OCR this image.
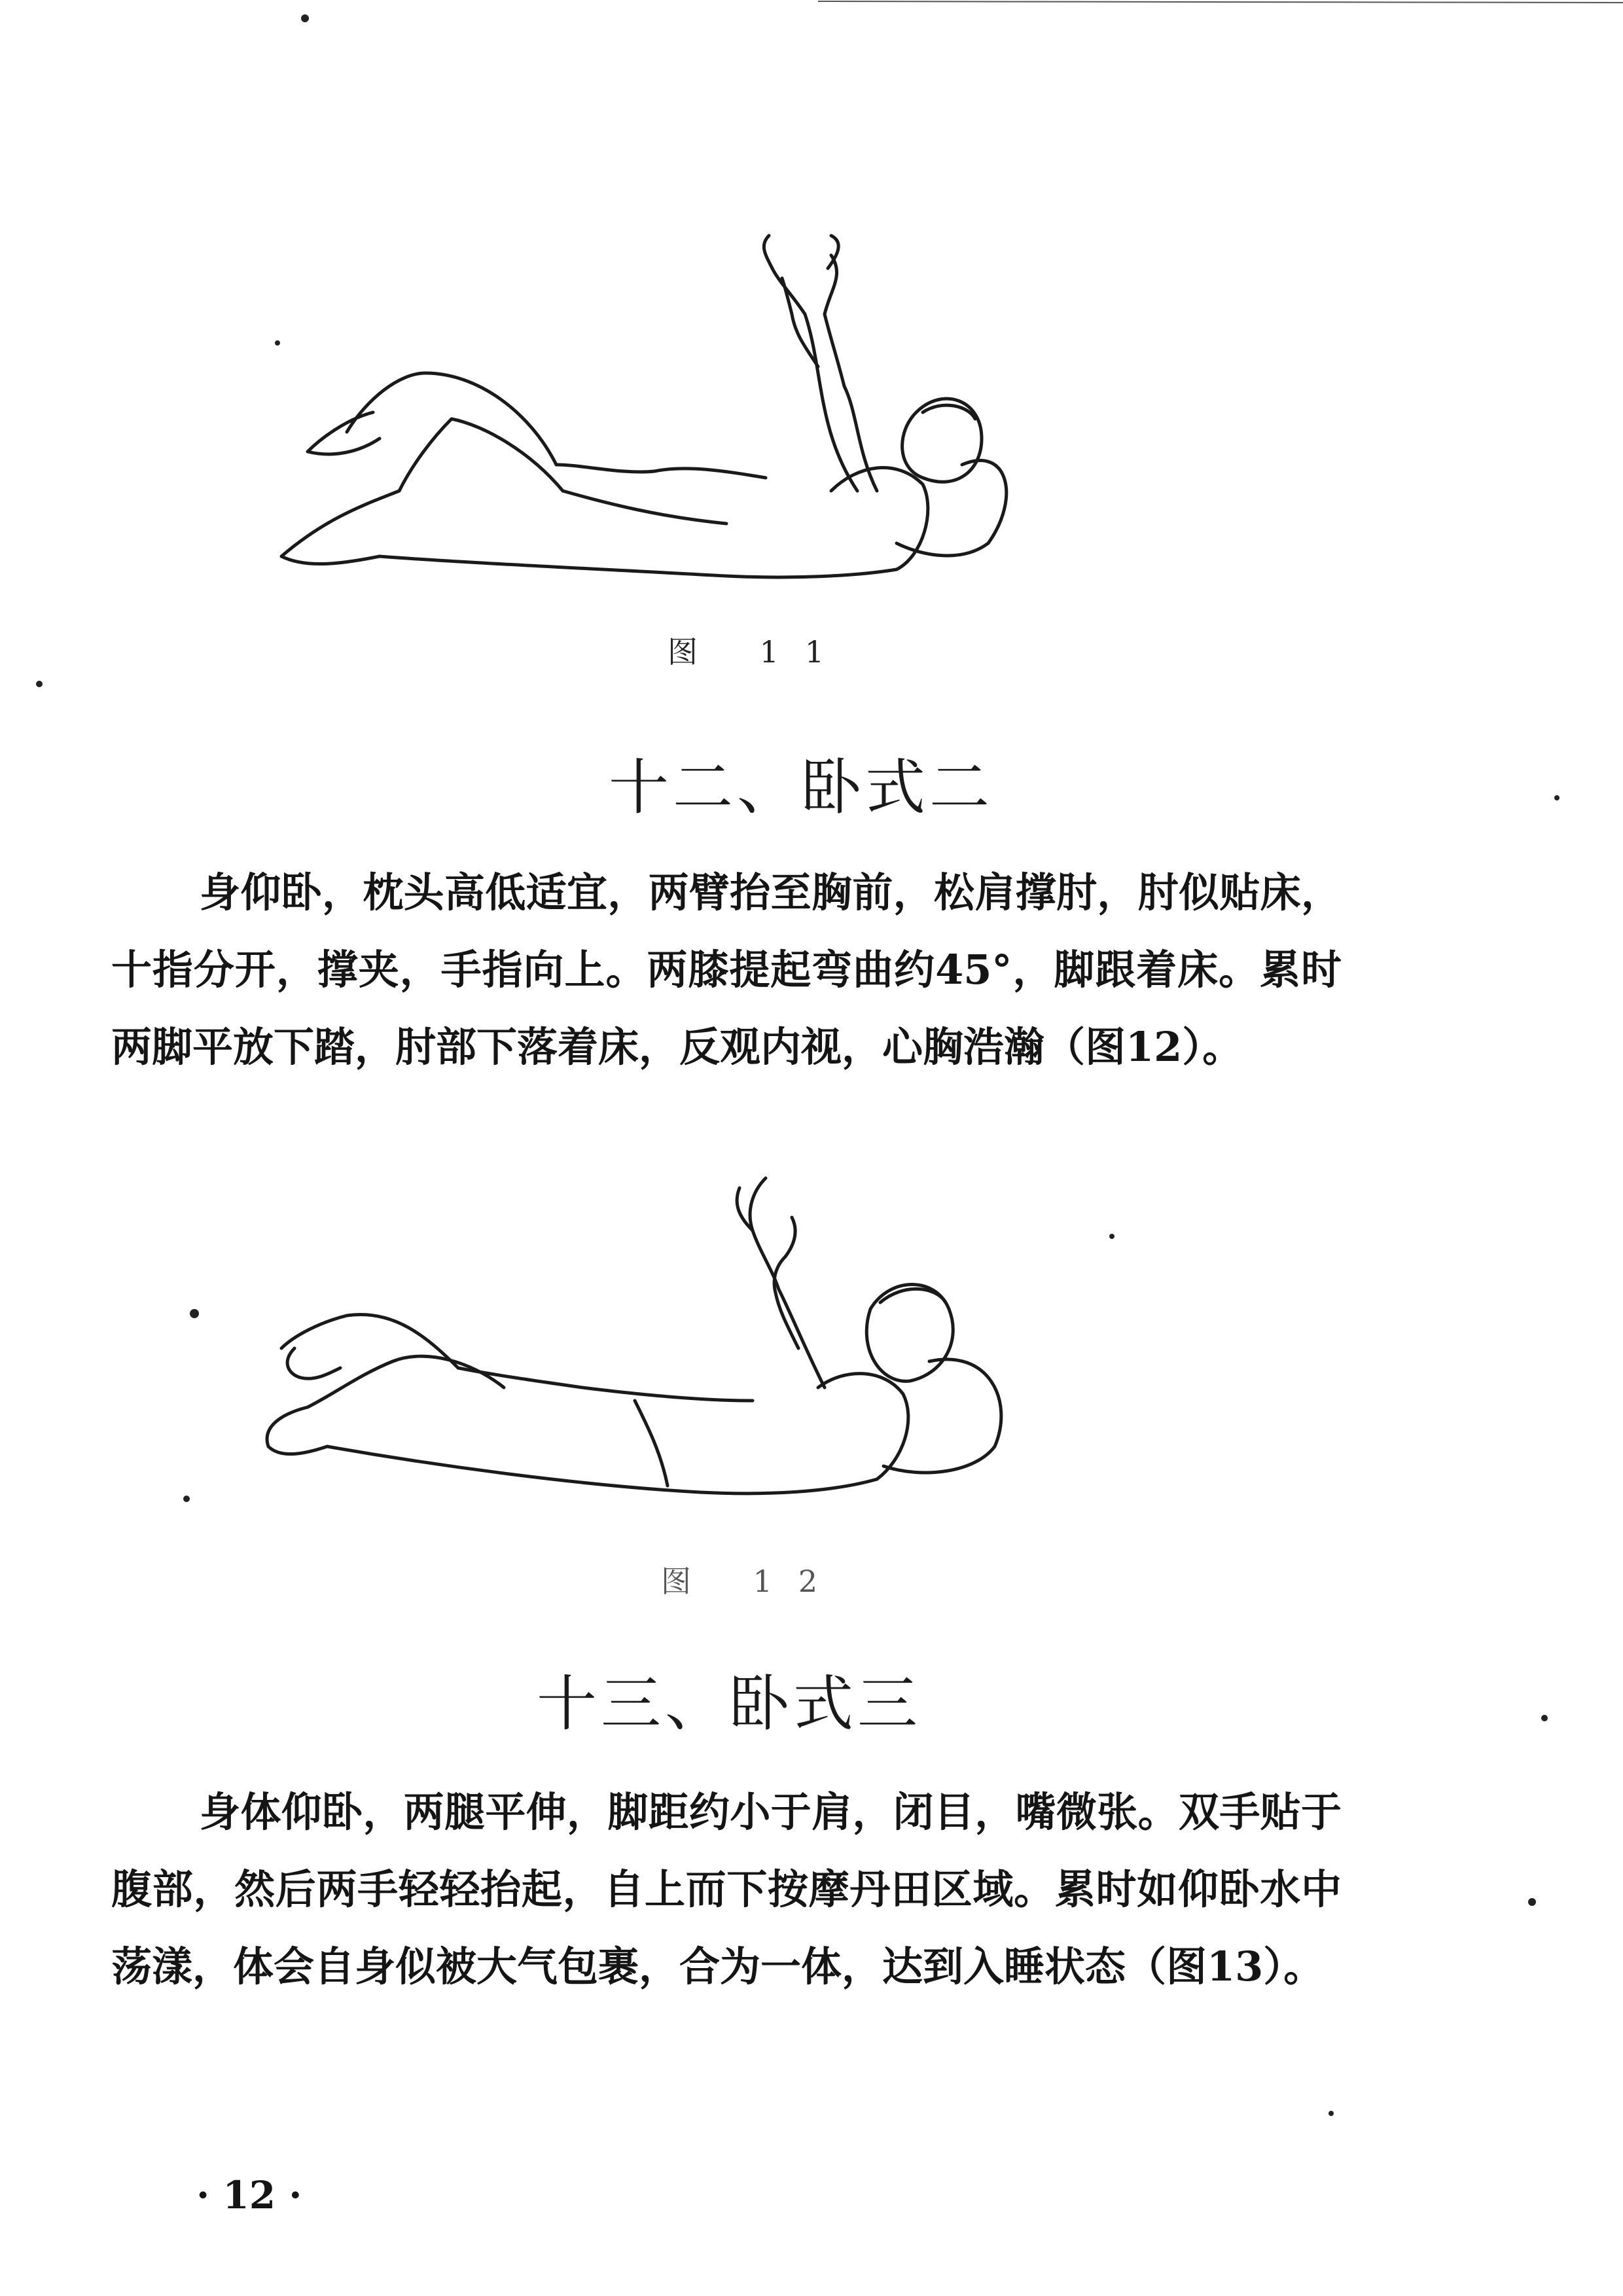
图 11
十二、卧式二

身仰卧，枕头高低适宜，两臂抬至胸前，松肩撑肘，肘似贴床，十指分开，撑夹，手指向上。两膝提起弯曲约45°，脚跟着床。累时两脚平放下踏，肘部下落着床，反观内视，心胸浩瀚（图12）。

图 12
十三、卧式三

身体仰卧，两腿平伸，脚距约小于肩，闭目，嘴微张。双手贴于腹部，然后两手轻轻抬起，自上而下按摩丹田区域。累时如仰卧水中荡漾，体会自身似被大气包裹，合为一体，达到入睡状态（图13）。

· 12 ·
